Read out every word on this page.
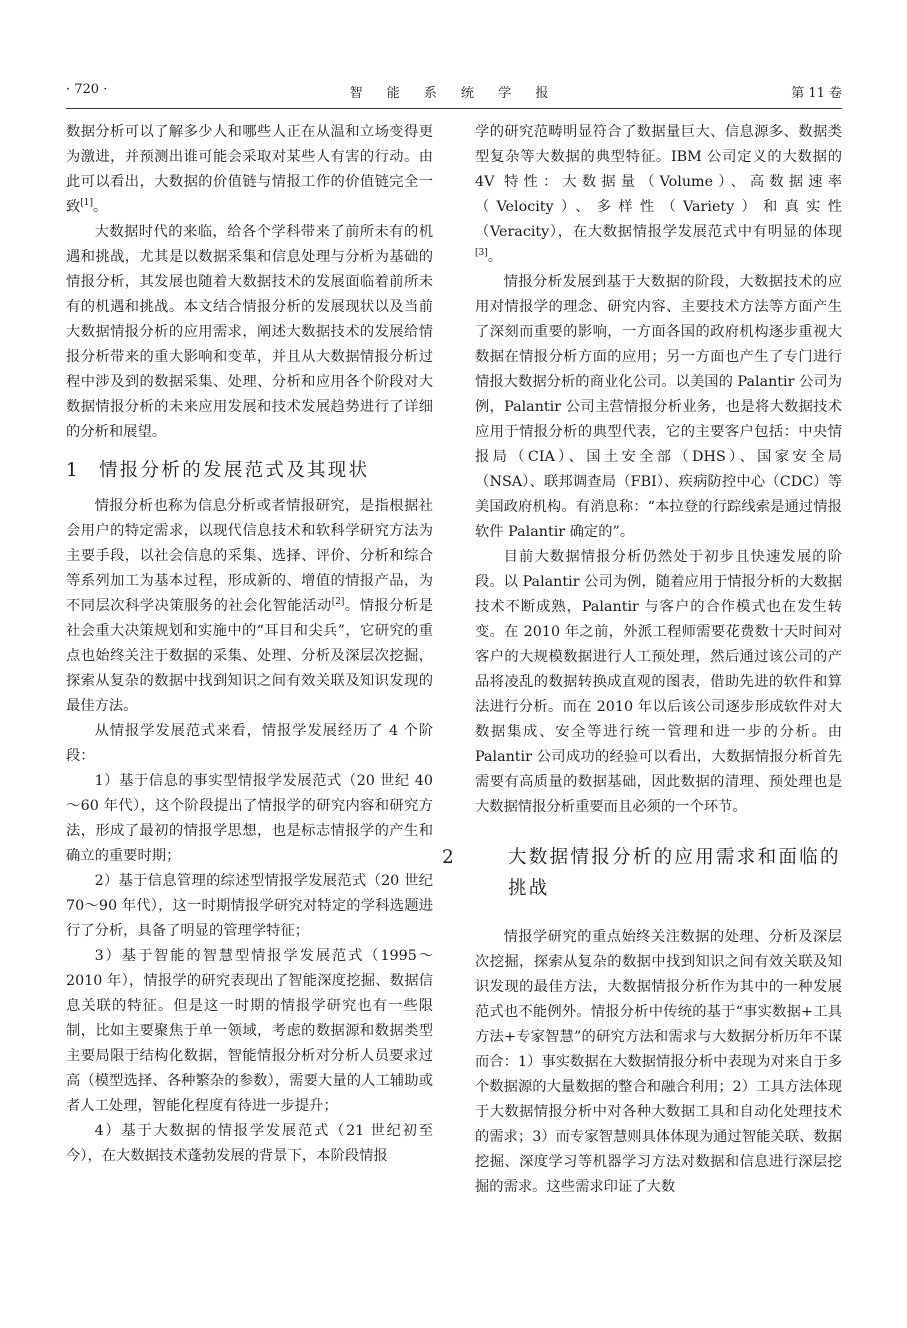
· 720 ·	智 能 系 统 学 报	第 11 卷

数据分析可以了解多少人和哪些人正在从温和立场变得更为激进，并预测出谁可能会采取对某些人有害的行动。由此可以看出，大数据的价值链与情报工作的价值链完全一致[1]。

大数据时代的来临，给各个学科带来了前所未有的机遇和挑战，尤其是以数据采集和信息处理与分析为基础的情报分析，其发展也随着大数据技术的发展面临着前所未有的机遇和挑战。本文结合情报分析的发展现状以及当前大数据情报分析的应用需求，阐述大数据技术的发展给情报分析带来的重大影响和变革，并且从大数据情报分析过程中涉及到的数据采集、处理、分析和应用各个阶段对大数据情报分析的未来应用发展和技术发展趋势进行了详细的分析和展望。

1 情报分析的发展范式及其现状

情报分析也称为信息分析或者情报研究，是指根据社会用户的特定需求，以现代信息技术和软科学研究方法为主要手段，以社会信息的采集、选择、评价、分析和综合等系列加工为基本过程，形成新的、增值的情报产品，为不同层次科学决策服务的社会化智能活动[2]。情报分析是社会重大决策规划和实施中的“耳目和尖兵”，它研究的重点也始终关注于数据的采集、处理、分析及深层次挖掘，探索从复杂的数据中找到知识之间有效关联及知识发现的最佳方法。

从情报学发展范式来看，情报学发展经历了 4 个阶段：

1）基于信息的事实型情报学发展范式（20 世纪 40～60 年代），这个阶段提出了情报学的研究内容和研究方法，形成了最初的情报学思想，也是标志情报学的产生和确立的重要时期；

2）基于信息管理的综述型情报学发展范式（20 世纪 70～90 年代），这一时期情报学研究对特定的学科选题进行了分析，具备了明显的管理学特征；

3）基于智能的智慧型情报学发展范式（1995～2010 年），情报学的研究表现出了智能深度挖掘、数据信息关联的特征。但是这一时期的情报学研究也有一些限制，比如主要聚焦于单一领域，考虑的数据源和数据类型主要局限于结构化数据，智能情报分析对分析人员要求过高（模型选择、各种繁杂的参数），需要大量的人工辅助或者人工处理，智能化程度有待进一步提升；

4）基于大数据的情报学发展范式（21 世纪初至今），在大数据技术蓬勃发展的背景下，本阶段情报

学的研究范畴明显符合了数据量巨大、信息源多、数据类型复杂等大数据的典型特征。IBM 公司定义的大数据的 4V 特性：大数据量（Volume）、高数据速率（Velocity）、多样性（Variety）和真实性（Veracity），在大数据情报学发展范式中有明显的体现[3]。

情报分析发展到基于大数据的阶段，大数据技术的应用对情报学的理念、研究内容、主要技术方法等方面产生了深刻而重要的影响，一方面各国的政府机构逐步重视大数据在情报分析方面的应用；另一方面也产生了专门进行情报大数据分析的商业化公司。以美国的 Palantir 公司为例，Palantir 公司主营情报分析业务，也是将大数据技术应用于情报分析的典型代表，它的主要客户包括：中央情报局（CIA）、国土安全部（DHS）、国家安全局（NSA）、联邦调查局（FBI）、疾病防控中心（CDC）等美国政府机构。有消息称：“本拉登的行踪线索是通过情报软件 Palantir 确定的”。

目前大数据情报分析仍然处于初步且快速发展的阶段。以 Palantir 公司为例，随着应用于情报分析的大数据技术不断成熟，Palantir 与客户的合作模式也在发生转变。在 2010 年之前，外派工程师需要花费数十天时间对客户的大规模数据进行人工预处理，然后通过该公司的产品将凌乱的数据转换成直观的图表，借助先进的软件和算法进行分析。而在 2010 年以后该公司逐步形成软件对大数据集成、安全等进行统一管理和进一步的分析。由 Palantir 公司成功的经验可以看出，大数据情报分析首先需要有高质量的数据基础，因此数据的清理、预处理也是大数据情报分析重要而且必须的一个环节。

2	大数据情报分析的应用需求和面临的挑战

情报学研究的重点始终关注数据的处理、分析及深层次挖掘，探索从复杂的数据中找到知识之间有效关联及知识发现的最佳方法，大数据情报分析作为其中的一种发展范式也不能例外。情报分析中传统的基于“事实数据+工具方法+专家智慧”的研究方法和需求与大数据分析历年不谋而合：1）事实数据在大数据情报分析中表现为对来自于多个数据源的大量数据的整合和融合利用；2）工具方法体现于大数据情报分析中对各种大数据工具和自动化处理技术的需求；3）而专家智慧则具体体现为通过智能关联、数据挖掘、深度学习等机器学习方法对数据和信息进行深层挖掘的需求。这些需求印证了大数
